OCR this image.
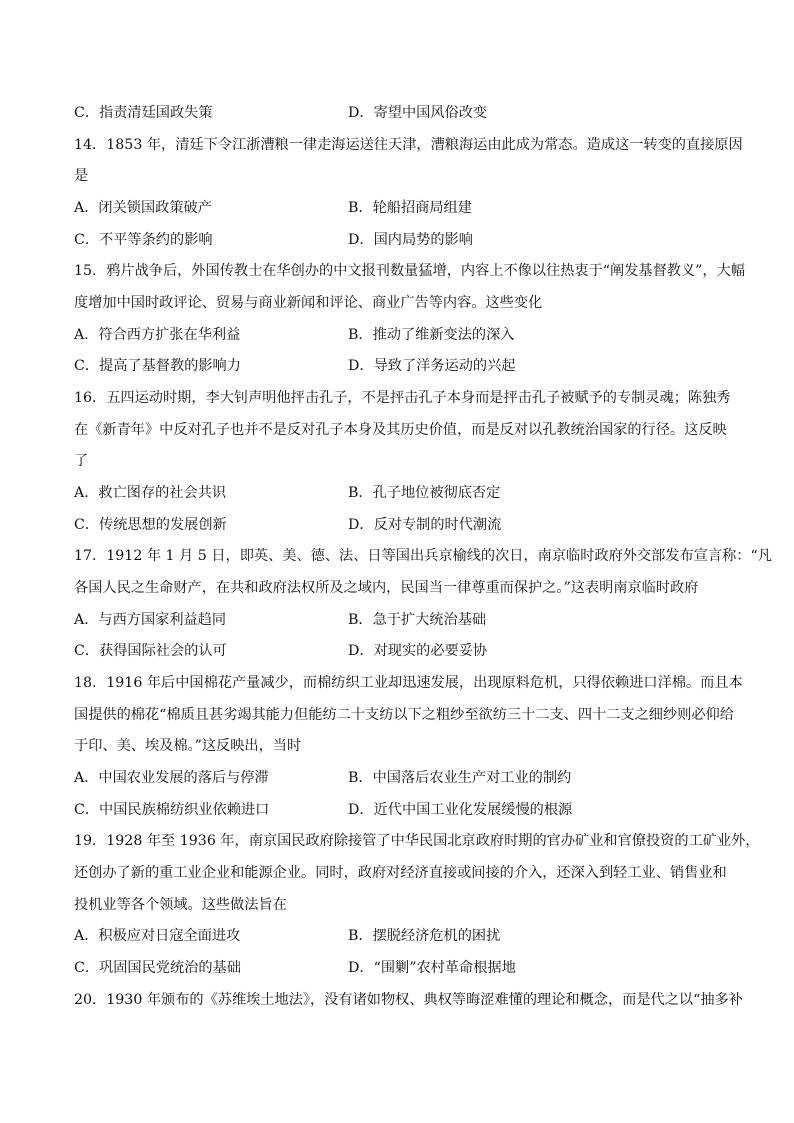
C．指责清廷国政失策	D．寄望中国风俗改变
14．1853 年，清廷下令江浙漕粮一律走海运送往天津，漕粮海运由此成为常态。造成这一转变的直接原因
是
A．闭关锁国政策破产	B．轮船招商局组建
C．不平等条约的影响	D．国内局势的影响
15．鸦片战争后，外国传教士在华创办的中文报刊数量猛增，内容上不像以往热衷于“阐发基督教义”，大幅
度增加中国时政评论、贸易与商业新闻和评论、商业广告等内容。这些变化
A．符合西方扩张在华利益	B．推动了维新变法的深入
C．提高了基督教的影响力	D．导致了洋务运动的兴起
16．五四运动时期，李大钊声明他抨击孔子，不是抨击孔子本身而是抨击孔子被赋予的专制灵魂；陈独秀
在《新青年》中反对孔子也并不是反对孔子本身及其历史价值，而是反对以孔教统治国家的行径。这反映
了
A．救亡图存的社会共识	B．孔子地位被彻底否定
C．传统思想的发展创新	D．反对专制的时代潮流
17．1912 年 1 月 5 日，即英、美、德、法、日等国出兵京榆线的次日，南京临时政府外交部发布宣言称：“凡
各国人民之生命财产，在共和政府法权所及之域内，民国当一律尊重而保护之。”这表明南京临时政府
A．与西方国家利益趋同	B．急于扩大统治基础
C．获得国际社会的认可	D．对现实的必要妥协
18．1916 年后中国棉花产量减少，而棉纺织工业却迅速发展，出现原料危机，只得依赖进口洋棉。而且本
国提供的棉花“棉质且甚劣竭其能力但能纺二十支纺以下之粗纱至欲纺三十二支、四十二支之细纱则必仰给
于印、美、埃及棉。”这反映出，当时
A．中国农业发展的落后与停滞	B．中国落后农业生产对工业的制约
C．中国民族棉纺织业依赖进口	D．近代中国工业化发展缓慢的根源
19．1928 年至 1936 年，南京国民政府除接管了中华民国北京政府时期的官办矿业和官僚投资的工矿业外，
还创办了新的重工业企业和能源企业。同时，政府对经济直接或间接的介入，还深入到轻工业、销售业和
投机业等各个领域。这些做法旨在
A．积极应对日寇全面进攻	B．摆脱经济危机的困扰
C．巩固国民党统治的基础	D．“围剿”农村革命根据地
20．1930 年颁布的《苏维埃土地法》，没有诸如物权、典权等晦涩难懂的理论和概念，而是代之以“抽多补
